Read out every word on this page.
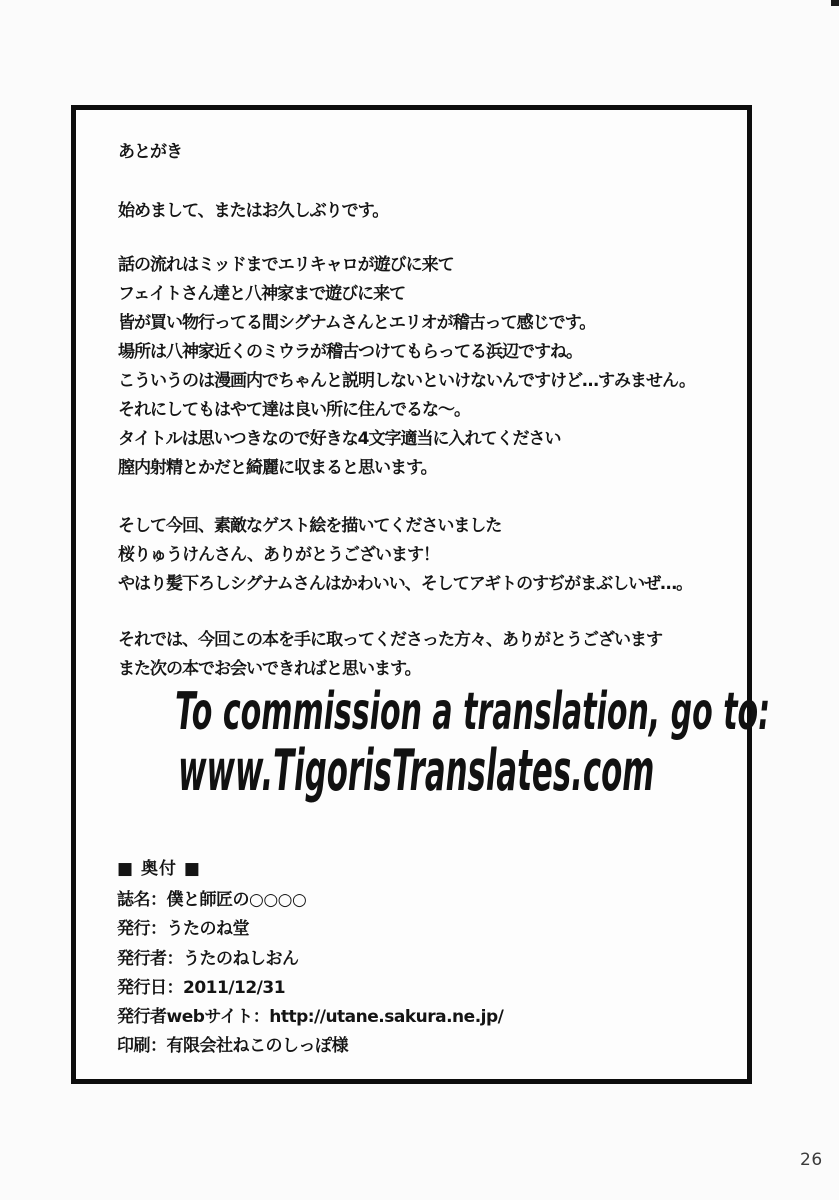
あとがき
始めまして、またはお久しぶりです。
話の流れはミッドまでエリキャロが遊びに来て
フェイトさん達と八神家まで遊びに来て
皆が買い物行ってる間シグナムさんとエリオが稽古って感じです。
場所は八神家近くのミウラが稽古つけてもらってる浜辺ですね。
こういうのは漫画内でちゃんと説明しないといけないんですけど…すみません。
それにしてもはやて達は良い所に住んでるな〜。
タイトルは思いつきなので好きな4文字適当に入れてください
膣内射精とかだと綺麗に収まると思います。
そして今回、素敵なゲスト絵を描いてくださいました
桜りゅうけんさん、ありがとうございます！
やはり髪下ろしシグナムさんはかわいい、そしてアギトのすぢがまぶしいぜ…。
それでは、今回この本を手に取ってくださった方々、ありがとうございます
また次の本でお会いできればと思います。
To commission a translation, go to:
www.TigorisTranslates.com
■ 奥付 ■
誌名：僕と師匠の○○○○
発行：うたのね堂
発行者：うたのねしおん
発行日：2011/12/31
発行者webサイト：http://utane.sakura.ne.jp/
印刷：有限会社ねこのしっぽ様
26
